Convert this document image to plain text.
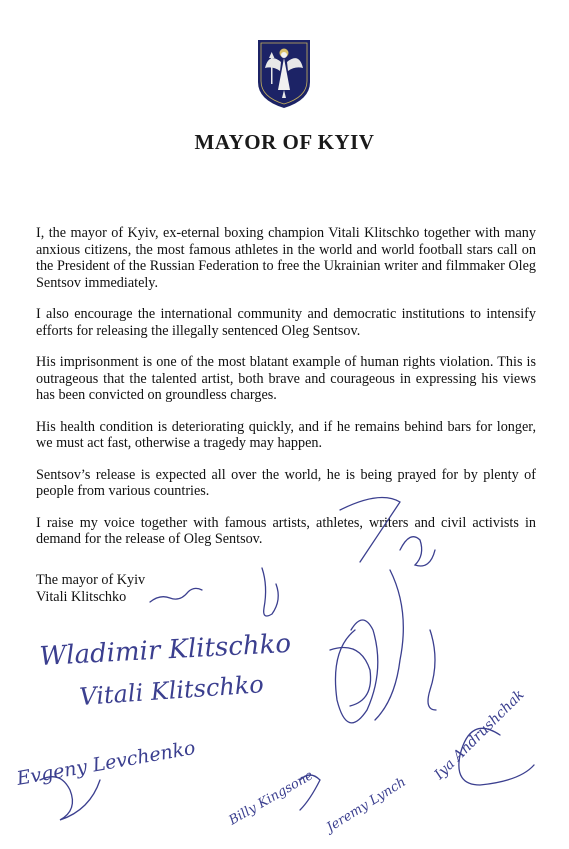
MAYOR OF KYIV

I, the mayor of Kyiv, ex-eternal boxing champion Vitali Klitschko together with many anxious citizens, the most famous athletes in the world and world football stars call on the President of the Russian Federation to free the Ukrainian writer and filmmaker Oleg Sentsov immediately.

I also encourage the international community and democratic institutions to intensify efforts for releasing the illegally sentenced Oleg Sentsov.

His imprisonment is one of the most blatant example of human rights violation. This is outrageous that the talented artist, both brave and courageous in expressing his views has been convicted on groundless charges.

His health condition is deteriorating quickly, and if he remains behind bars for longer, we must act fast, otherwise a tragedy may happen.

Sentsov’s release is expected all over the world, he is being prayed for by plenty of people from various countries.

I raise my voice together with famous artists, athletes, writers and civil activists in demand for the release of Oleg Sentsov.

The mayor of Kyiv
Vitali Klitschko
Wladimir Klitschko
Vitali Klitschko
Evgeny Levchenko
Billy Kingsone Jeremy Lynch
Iya Andrushchak
